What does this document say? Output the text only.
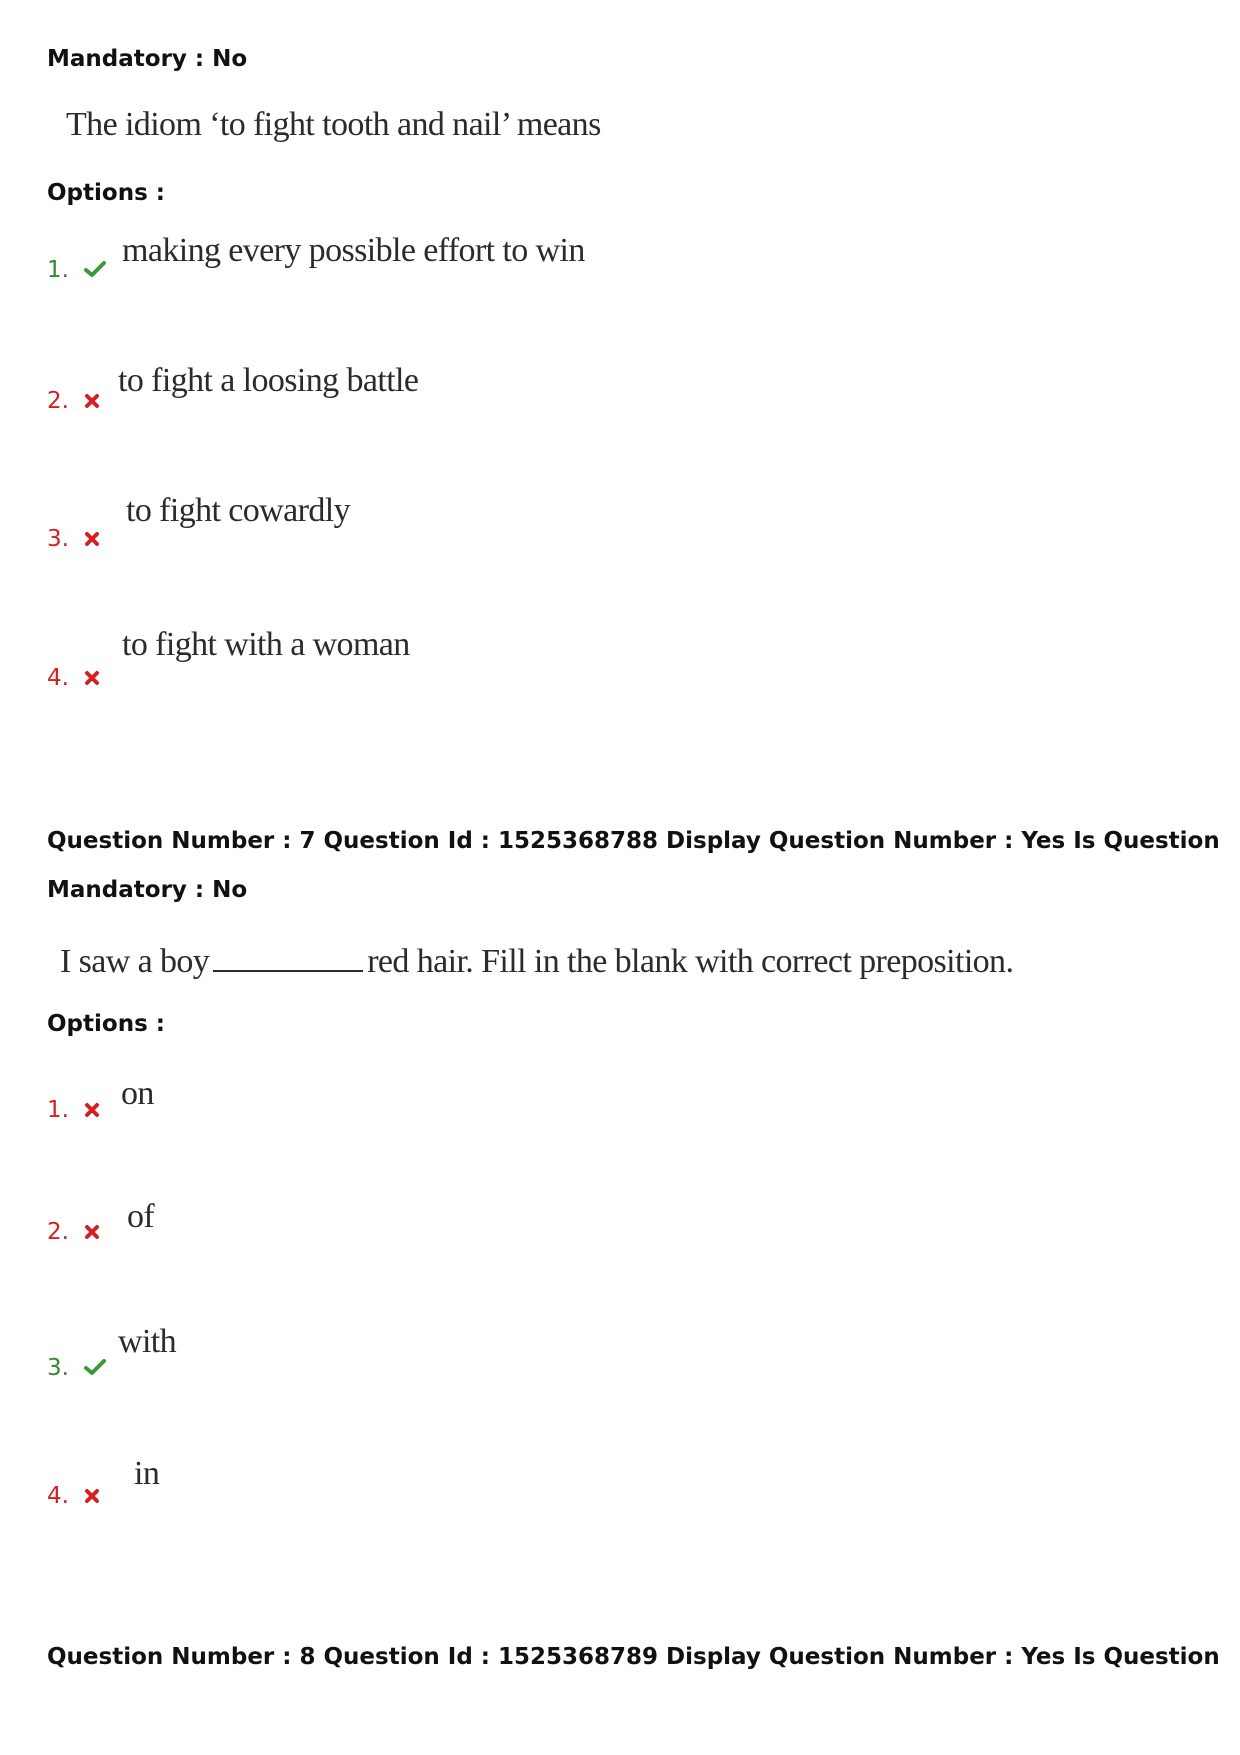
Mandatory : No
The idiom ‘to fight tooth and nail’ means
Options :
1.
making every possible effort to win
2.
to fight a loosing battle
3.
to fight cowardly
4.
to fight with a woman
Question Number : 7 Question Id : 1525368788 Display Question Number : Yes Is Question
Mandatory : No
I saw a boy	red hair. Fill in the blank with correct preposition.
Options :
1.	on
2.	of
3.
with
4.
in
Question Number : 8 Question Id : 1525368789 Display Question Number : Yes Is Question
